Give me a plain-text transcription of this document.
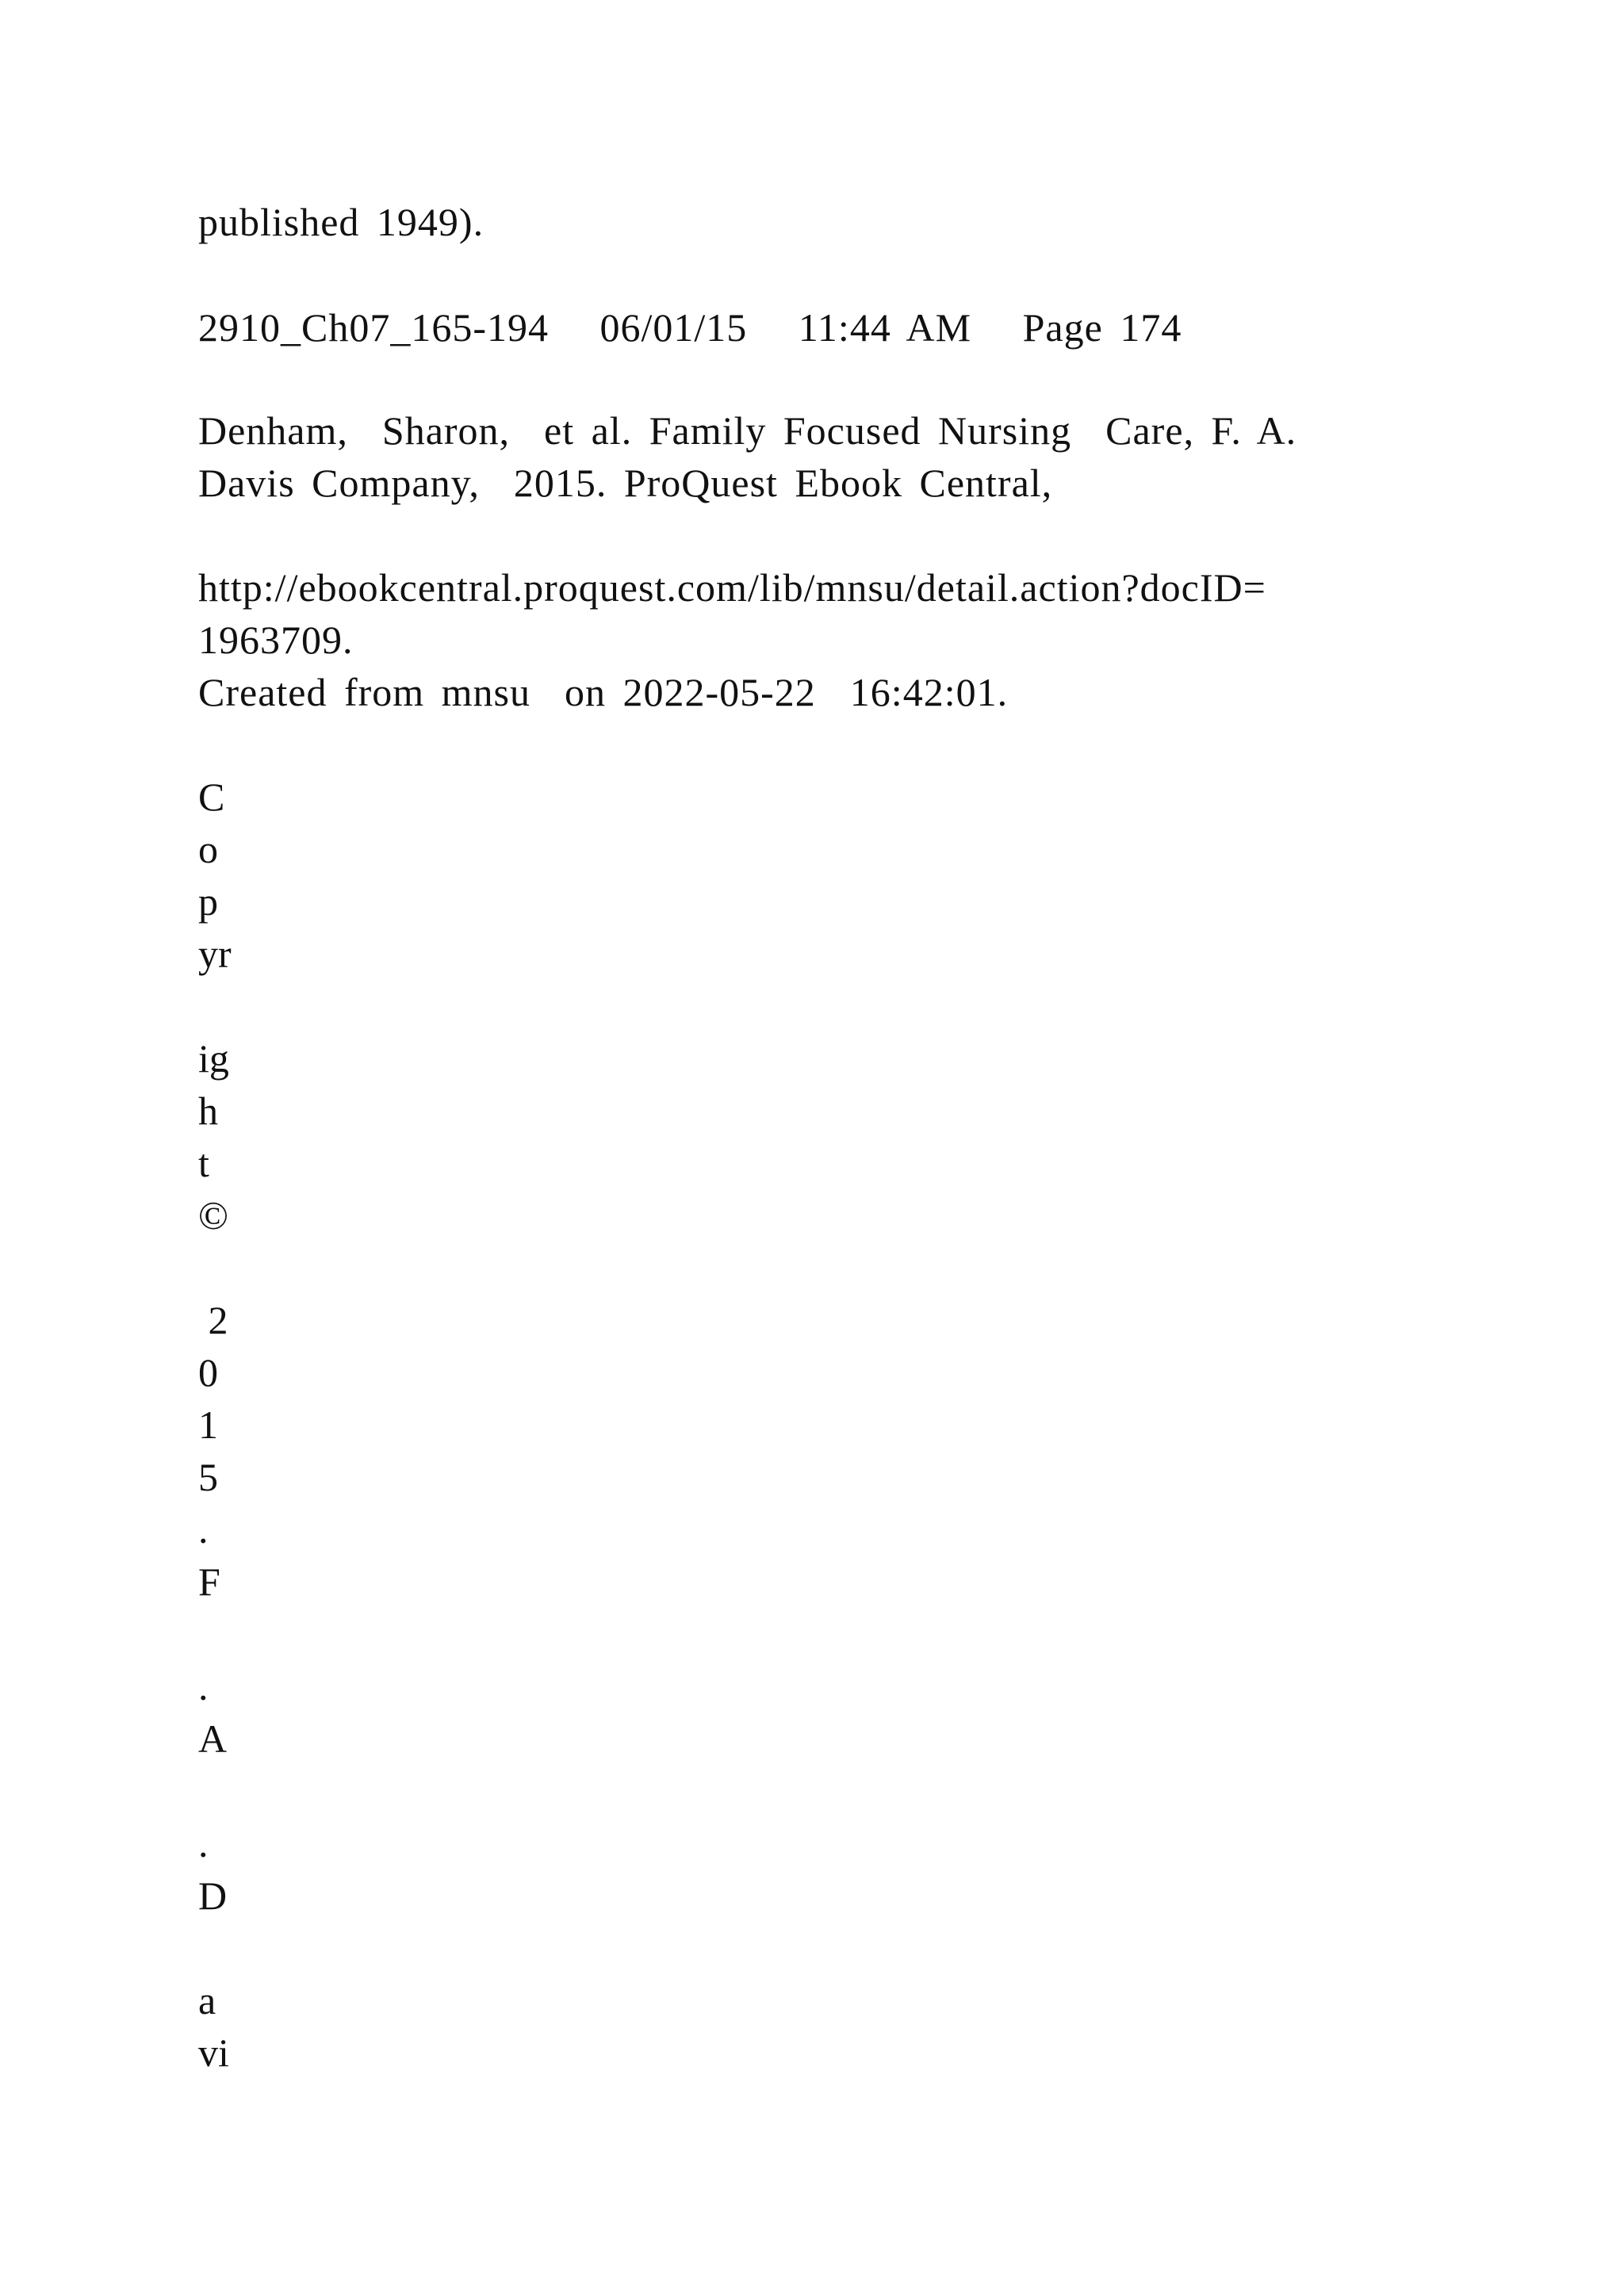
published 1949).
2910_Ch07_165-194   06/01/15   11:44 AM   Page 174
Denham,  Sharon,  et al. Family Focused Nursing  Care, F. A.
Davis Company,  2015. ProQuest Ebook Central,
http://ebookcentral.proquest.com/lib/mnsu/detail.action?docID=
1963709.
Created from mnsu  on 2022-05-22  16:42:01.
C
o
p
yr
ig
h
t
©
2
0
1
5
.
F
.
A
.
D
a
vi
